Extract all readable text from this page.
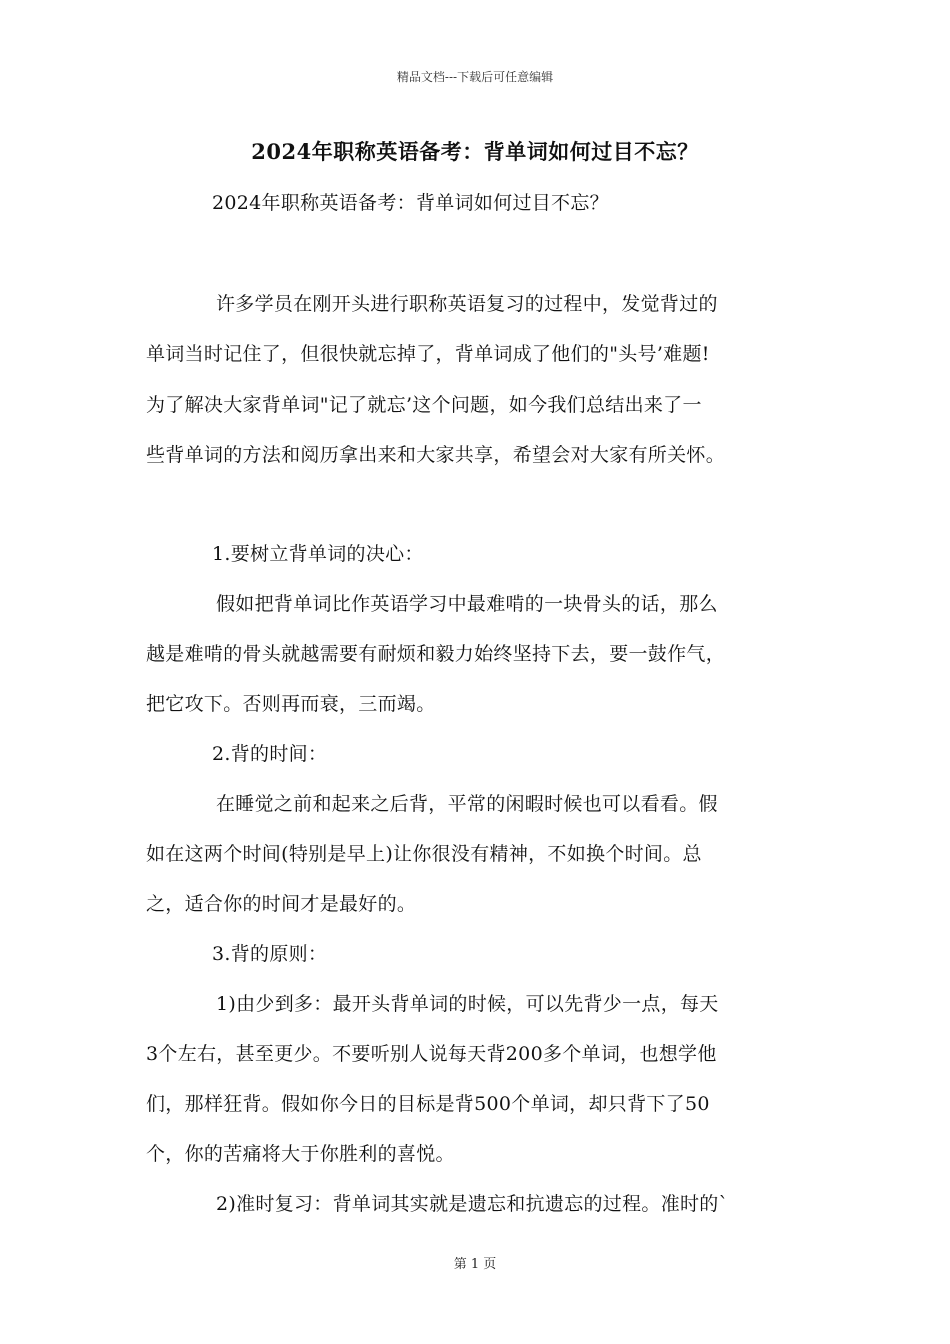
精品文档---下载后可任意编辑
2024年职称英语备考：背单词如何过目不忘？
2024年职称英语备考：背单词如何过目不忘？
许多学员在刚开头进行职称英语复习的过程中，发觉背过的
单词当时记住了，但很快就忘掉了，背单词成了他们的"头号’难题!
为了解决大家背单词"记了就忘’这个问题，如今我们总结出来了一
些背单词的方法和阅历拿出来和大家共享，希望会对大家有所关怀。
1.要树立背单词的决心：
假如把背单词比作英语学习中最难啃的一块骨头的话，那么
越是难啃的骨头就越需要有耐烦和毅力始终坚持下去，要一鼓作气，
把它攻下。否则再而衰，三而竭。
2.背的时间：
在睡觉之前和起来之后背，平常的闲暇时候也可以看看。假
如在这两个时间(特别是早上)让你很没有精神，不如换个时间。总
之，适合你的时间才是最好的。
3.背的原则：
1)由少到多：最开头背单词的时候，可以先背少一点，每天
3个左右，甚至更少。不要听别人说每天背200多个单词，也想学他
们，那样狂背。假如你今日的目标是背500个单词，却只背下了50
个，你的苦痛将大于你胜利的喜悦。
2)准时复习：背单词其实就是遗忘和抗遗忘的过程。准时的`
第 1 页
